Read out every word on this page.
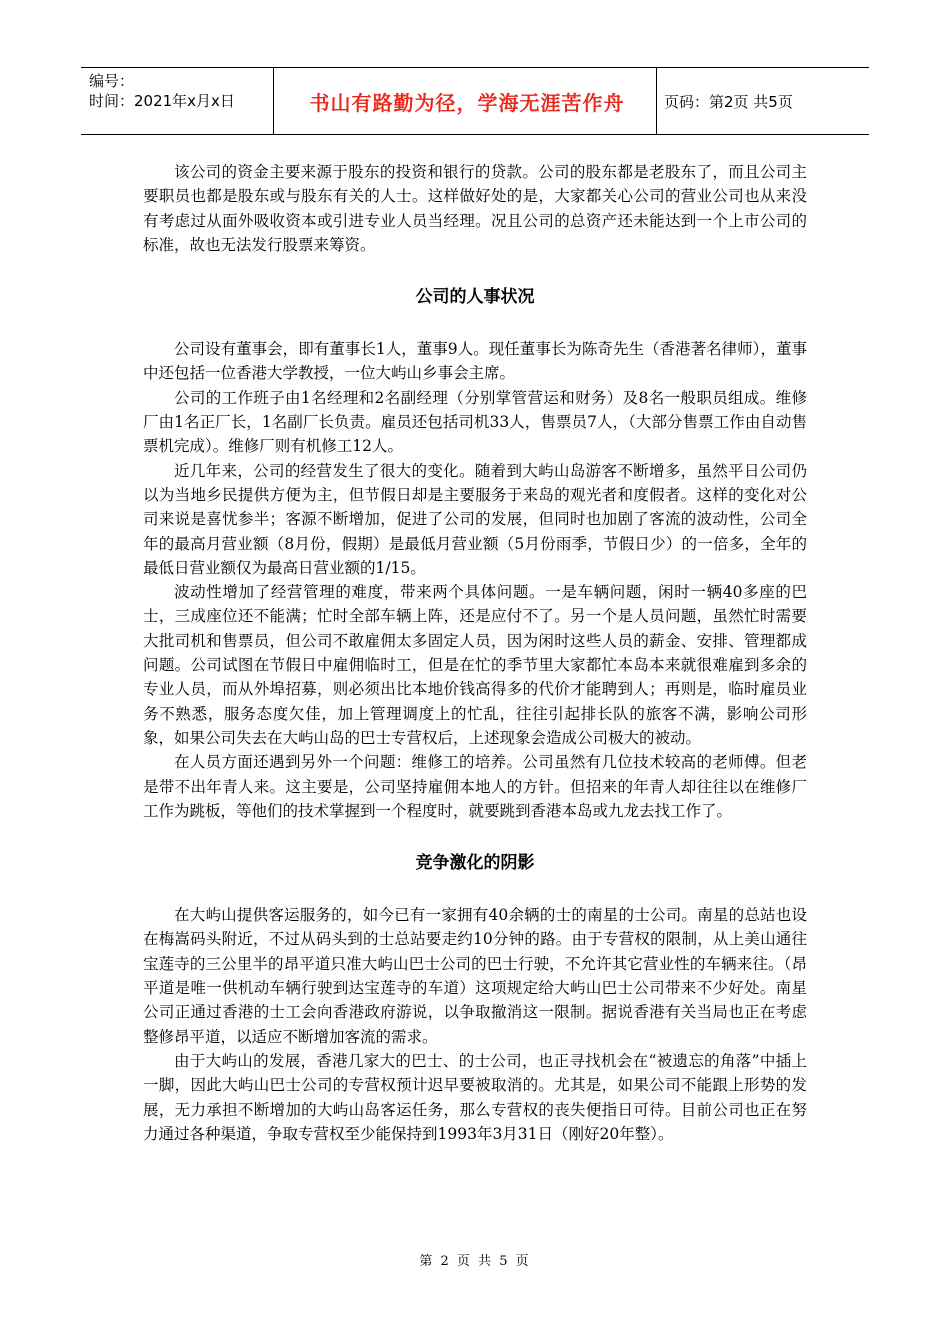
编号：
时间：2021年x月x日	书山有路勤为径，学海无涯苦作舟	页码：第2页 共5页

该公司的资金主要来源于股东的投资和银行的贷款。公司的股东都是老股东了，而且公司主要职员也都是股东或与股东有关的人士。这样做好处的是，大家都关心公司的营业公司也从来没有考虑过从面外吸收资本或引进专业人员当经理。况且公司的总资产还未能达到一个上市公司的标准，故也无法发行股票来筹资。

公司的人事状况

公司设有董事会，即有董事长1人，董事9人。现任董事长为陈奇先生（香港著名律师），董事中还包括一位香港大学教授，一位大屿山乡事会主席。

公司的工作班子由1名经理和2名副经理（分别掌管营运和财务）及8名一般职员组成。维修厂由1名正厂长，1名副厂长负责。雇员还包括司机33人，售票员7人，（大部分售票工作由自动售票机完成）。维修厂则有机修工12人。

近几年来，公司的经营发生了很大的变化。随着到大屿山岛游客不断增多，虽然平日公司仍以为当地乡民提供方便为主，但节假日却是主要服务于来岛的观光者和度假者。这样的变化对公司来说是喜忧参半；客源不断增加，促进了公司的发展，但同时也加剧了客流的波动性，公司全年的最高月营业额（8月份，假期）是最低月营业额（5月份雨季，节假日少）的一倍多，全年的最低日营业额仅为最高日营业额的1/15。

波动性增加了经营管理的难度，带来两个具体问题。一是车辆问题，闲时一辆40多座的巴士，三成座位还不能满；忙时全部车辆上阵，还是应付不了。另一个是人员问题，虽然忙时需要大批司机和售票员，但公司不敢雇佣太多固定人员，因为闲时这些人员的薪金、安排、管理都成问题。公司试图在节假日中雇佣临时工，但是在忙的季节里大家都忙本岛本来就很难雇到多余的专业人员，而从外埠招募，则必须出比本地价钱高得多的代价才能聘到人；再则是，临时雇员业务不熟悉，服务态度欠佳，加上管理调度上的忙乱，往往引起排长队的旅客不满，影响公司形象，如果公司失去在大屿山岛的巴士专营权后，上述现象会造成公司极大的被动。

在人员方面还遇到另外一个问题：维修工的培养。公司虽然有几位技术较高的老师傅。但老是带不出年青人来。这主要是，公司坚持雇佣本地人的方针。但招来的年青人却往往以在维修厂工作为跳板，等他们的技术掌握到一个程度时，就要跳到香港本岛或九龙去找工作了。

竞争激化的阴影

在大屿山提供客运服务的，如今已有一家拥有40余辆的士的南星的士公司。南星的总站也设在梅嵩码头附近，不过从码头到的士总站要走约10分钟的路。由于专营权的限制，从上美山通往宝莲寺的三公里半的昂平道只准大屿山巴士公司的巴士行驶，不允许其它营业性的车辆来往。（昂平道是唯一供机动车辆行驶到达宝莲寺的车道）这项规定给大屿山巴士公司带来不少好处。南星公司正通过香港的士工会向香港政府游说，以争取撤消这一限制。据说香港有关当局也正在考虑整修昂平道，以适应不断增加客流的需求。

由于大屿山的发展，香港几家大的巴士、的士公司，也正寻找机会在“被遗忘的角落”中插上一脚，因此大屿山巴士公司的专营权预计迟早要被取消的。尤其是，如果公司不能跟上形势的发展，无力承担不断增加的大屿山岛客运任务，那么专营权的丧失便指日可待。目前公司也正在努力通过各种渠道，争取专营权至少能保持到1993年3月31日（刚好20年整）。

第 2 页 共 5 页
